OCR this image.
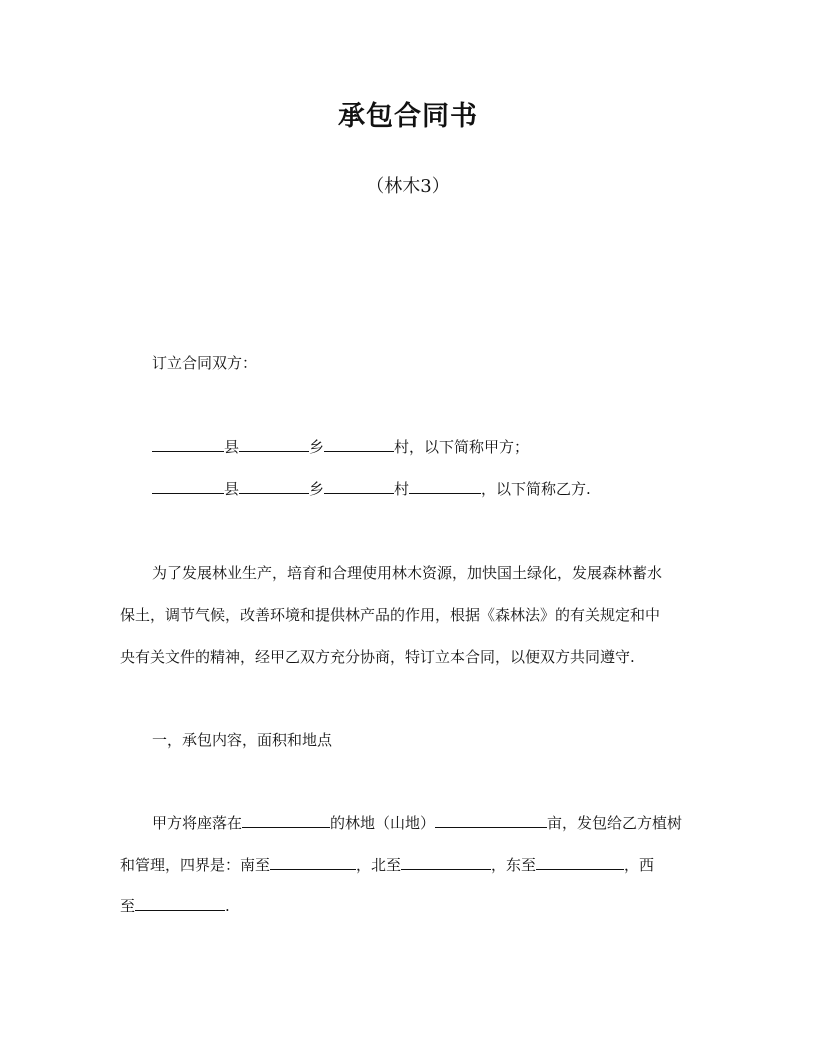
承包合同书
（林木3）
订立合同双方：
县	乡	村，以下简称甲方；
县	乡	村	，以下简称乙方.
为了发展林业生产，培育和合理使用林木资源，加快国土绿化，发展森林蓄水
保土，调节气候，改善环境和提供林产品的作用，根据《森林法》的有关规定和中
央有关文件的精神，经甲乙双方充分协商，特订立本合同，以便双方共同遵守.
一，承包内容，面积和地点
甲方将座落在	的林地（山地）	亩，发包给乙方植树
和管理，四界是：南至	，北至	，东至	，西
至	.
